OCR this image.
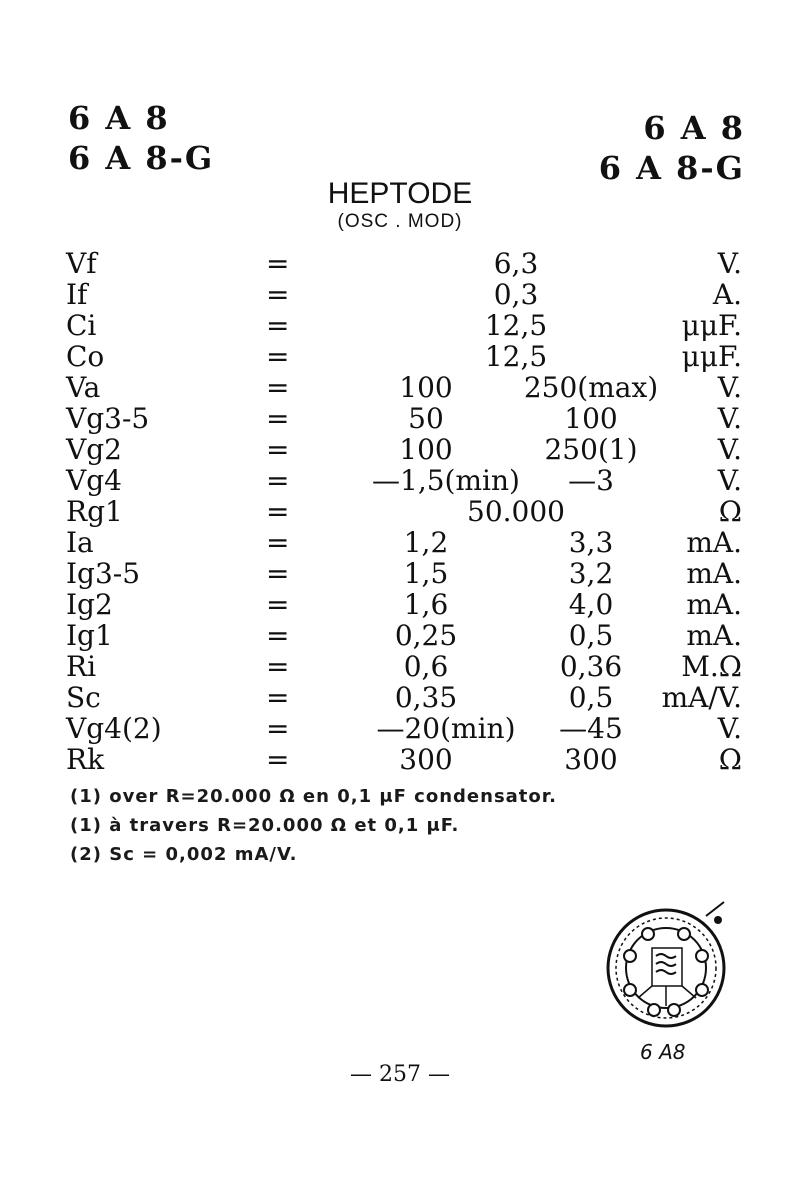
6 A 8
6 A 8-G
6 A 8
6 A 8-G
HEPTODE
(OSC . MOD)
Vf	=	6,3	V.
If	=	0,3	A.
Ci	=	12,5	μμF.
Co	=	12,5	μμF.
Va	=	100	250(max)	V.
Vg3-5	=	50	100	V.
Vg2	=	100	250(1)	V.
Vg4	=	—1,5(min)	—3	V.
Rg1	=	50.000	Ω
Ia	=	1,2	3,3	mA.
Ig3-5	=	1,5	3,2	mA.
Ig2	=	1,6	4,0	mA.
Ig1	=	0,25	0,5	mA.
Ri	=	0,6	0,36	M.Ω
Sc	=	0,35	0,5	mA/V.
Vg4(2)	=	—20(min)	—45	V.
Rk	=	300	300	Ω
(1) over R=20.000 Ω en 0,1 μF condensator.
(1) à travers R=20.000 Ω et 0,1 μF.
(2) Sc = 0,002 mA/V.
6 A8
— 257 —
